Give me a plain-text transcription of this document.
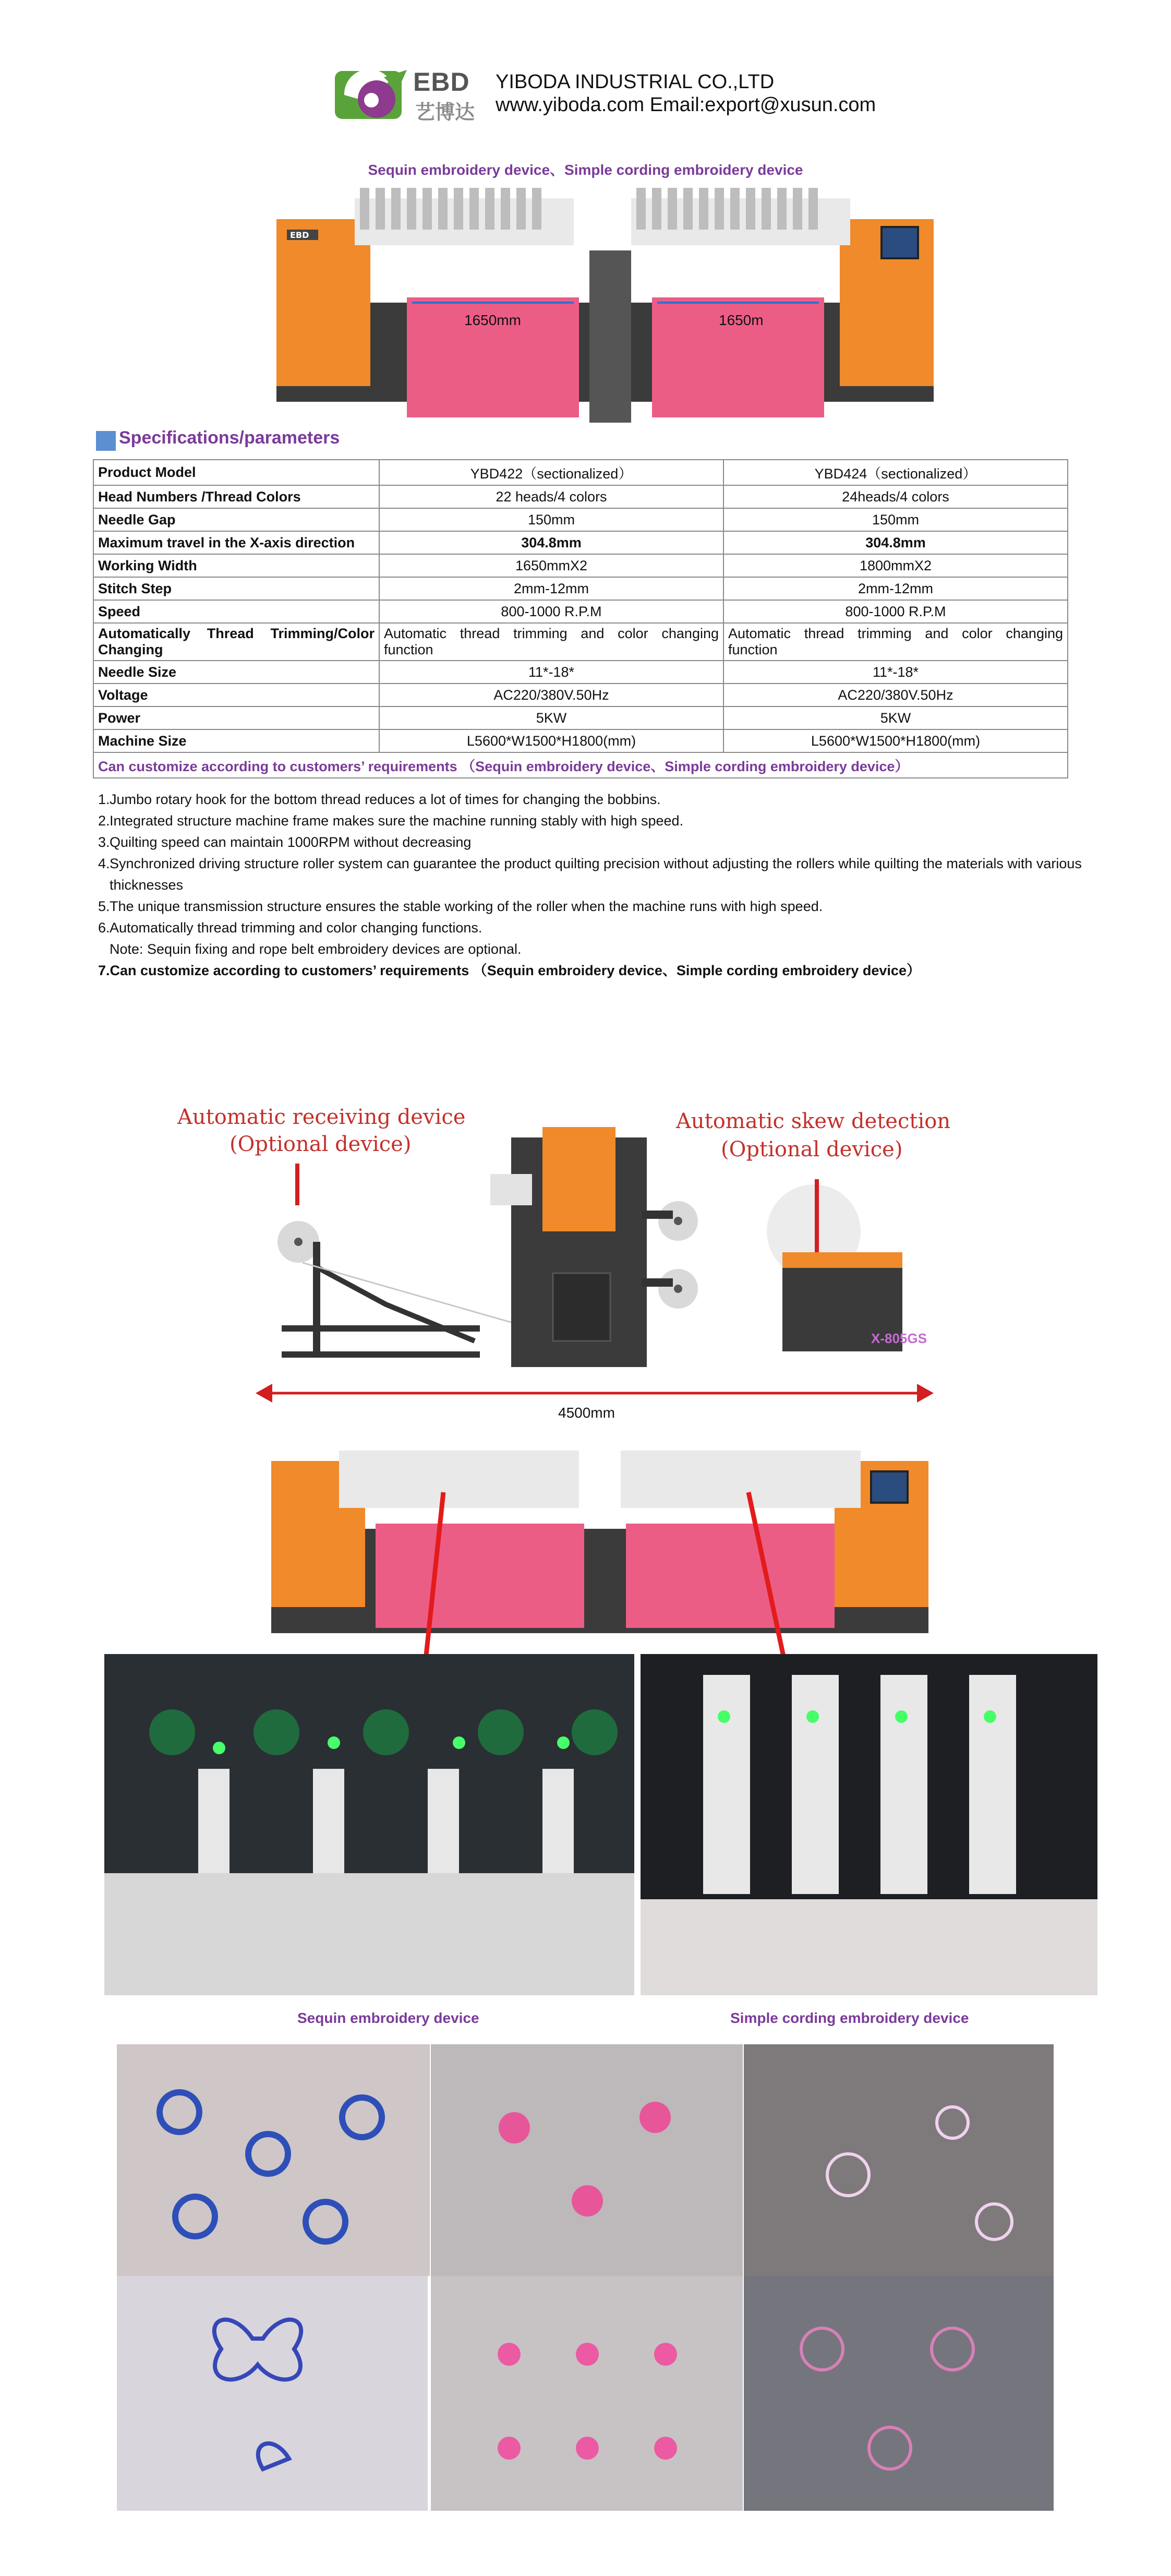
EBD
艺博达
YIBODA INDUSTRIAL CO.,LTD
www.yiboda.com Email:export@xusun.com
Sequin embroidery device、Simple cording embroidery device
EBD
1650mm	1650m
Specifications/parameters
Product Model	YBD422（sectionalized）	YBD424（sectionalized）
Head Numbers /Thread Colors	22 heads/4 colors	24heads/4 colors
Needle Gap	150mm	150mm
Maximum travel in the X-axis direction	304.8mm	304.8mm
Working Width	1650mmX2	1800mmX2
Stitch Step	2mm-12mm	2mm-12mm
Speed	800-1000 R.P.M	800-1000 R.P.M
Automatically Thread Trimming/Color Changing	Automatic thread trimming and color changing function	Automatic thread trimming and color changing function
Needle Size	11*-18*	11*-18*
Voltage	AC220/380V.50Hz	AC220/380V.50Hz
Power	5KW	5KW
Machine Size	L5600*W1500*H1800(mm)	L5600*W1500*H1800(mm)
Can customize according to customers’ requirements （Sequin embroidery device、Simple cording embroidery device）		
1. Jumbo rotary hook for the bottom thread reduces a lot of times for changing the bobbins.
2. Integrated structure machine frame makes sure the machine running stably with high speed.
3. Quilting speed can maintain 1000RPM without decreasing
4. Synchronized driving structure roller system can guarantee the product quilting precision without adjusting the rollers while quilting the materials with various thicknesses
5. The unique transmission structure ensures the stable working of the roller when the machine runs with high speed.
6. Automatically thread trimming and color changing functions.
Note: Sequin fixing and rope belt embroidery devices are optional.
7. Can customize according to customers’ requirements （Sequin embroidery device、Simple cording embroidery device）
Automatic receiving device
(Optional device)
Automatic skew detection
(Optional device)
X-805GS
4500mm
Sequin embroidery device	Simple cording embroidery device
